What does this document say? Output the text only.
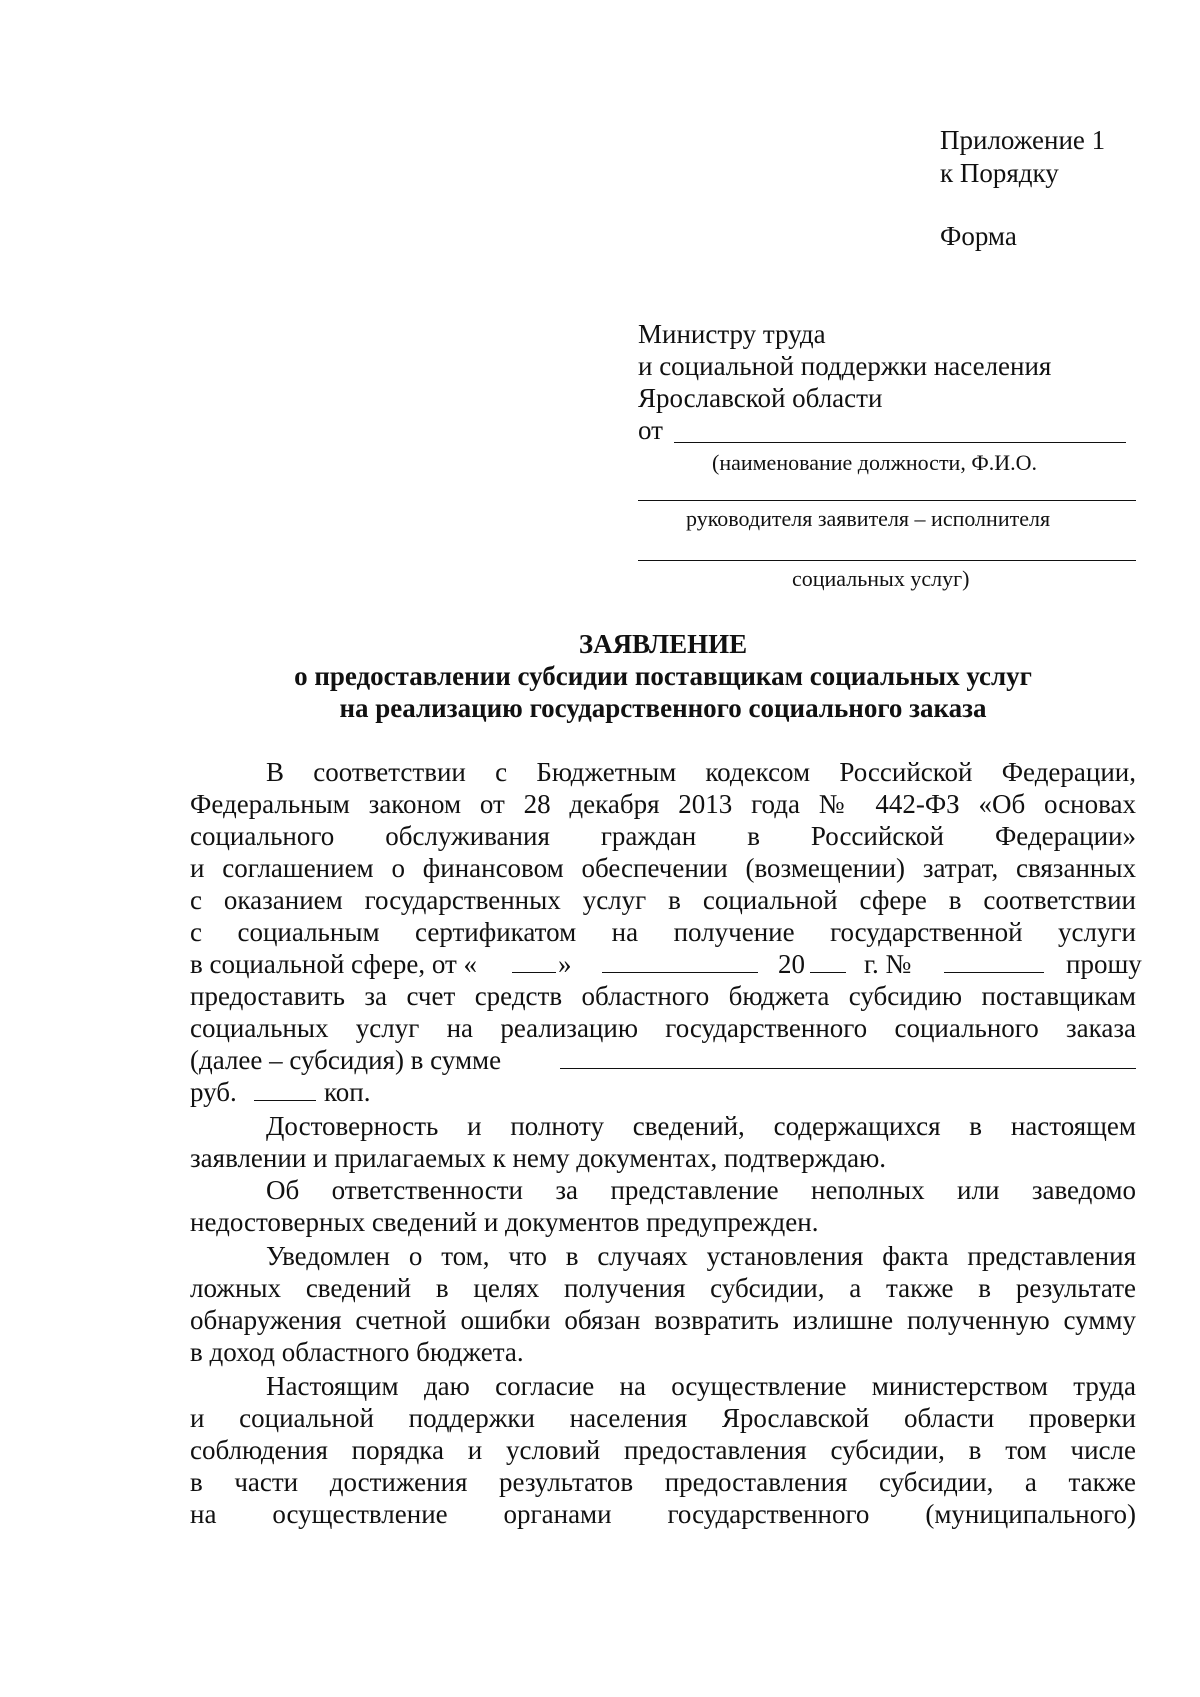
Приложение 1
к Порядку
Форма
Министру труда
и социальной поддержки населения
Ярославской области
от
(наименование должности, Ф.И.О.
руководителя заявителя – исполнителя
социальных услуг)
ЗАЯВЛЕНИЕ
о предоставлении субсидии поставщикам социальных услуг
на реализацию государственного социального заказа
В соответствии с Бюджетным кодексом Российской Федерации,
Федеральным законом от 28 декабря 2013 года № 442-ФЗ «Об основах
социального обслуживания граждан в Российской Федерации»
и соглашением о финансовом обеспечении (возмещении) затрат, связанных
с оказанием государственных услуг в социальной сфере в соответствии
с социальным сертификатом на получение государственной услуги
в социальной сфере, от «	»	20 г. №	прошу
предоставить за счет средств областного бюджета субсидию поставщикам
социальных услуг на реализацию государственного социального заказа
(далее – субсидия) в сумме
руб.	коп.
Достоверность и полноту сведений, содержащихся в настоящем
заявлении и прилагаемых к нему документах, подтверждаю.
Об ответственности за представление неполных или заведомо
недостоверных сведений и документов предупрежден.
Уведомлен о том, что в случаях установления факта представления
ложных сведений в целях получения субсидии, а также в результате
обнаружения счетной ошибки обязан возвратить излишне полученную сумму
в доход областного бюджета.
Настоящим даю согласие на осуществление министерством труда
и социальной поддержки населения Ярославской области проверки
соблюдения порядка и условий предоставления субсидии, в том числе
в части достижения результатов предоставления субсидии, а также
на осуществление органами государственного (муниципального)
